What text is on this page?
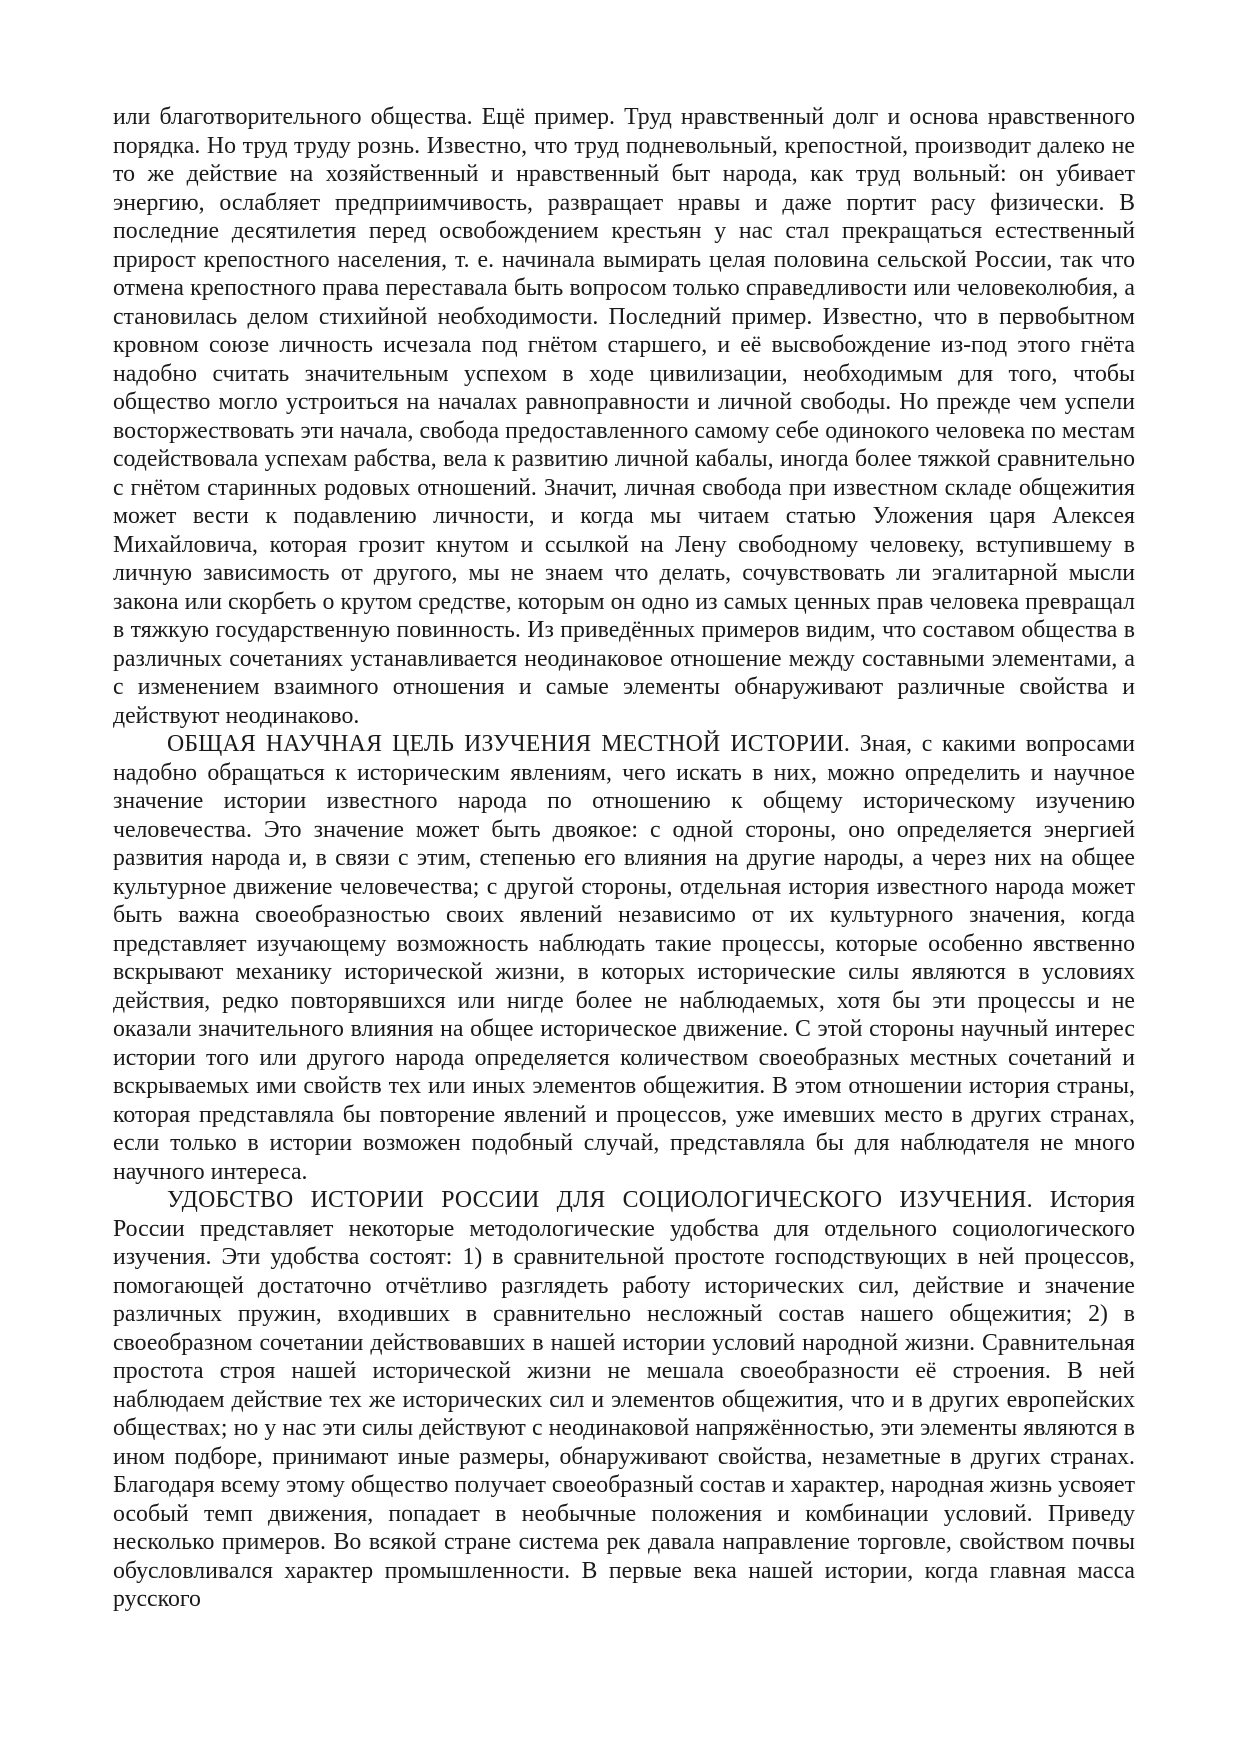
или благотворительного общества. Ещё пример. Труд нравственный долг и основа нравственного порядка. Но труд труду рознь. Известно, что труд подневольный, крепостной, производит далеко не то же действие на хозяйственный и нравственный быт народа, как труд вольный: он убивает энергию, ослабляет предприимчивость, развращает нравы и даже портит расу физически. В последние десятилетия перед освобождением крестьян у нас стал прекращаться естественный прирост крепостного населения, т. е. начинала вымирать целая половина сельской России, так что отмена крепостного права переставала быть вопросом только справедливости или человеколюбия, а становилась делом стихийной необходимости. Последний пример. Известно, что в первобытном кровном союзе личность исчезала под гнётом старшего, и её высвобождение из-под этого гнёта надобно считать значительным успехом в ходе цивилизации, необходимым для того, чтобы общество могло устроиться на началах равноправности и личной свободы. Но прежде чем успели восторжествовать эти начала, свобода предоставленного самому себе одинокого человека по местам содействовала успехам рабства, вела к развитию личной кабалы, иногда более тяжкой сравнительно с гнётом старинных родовых отношений. Значит, личная свобода при известном складе общежития может вести к подавлению личности, и когда мы читаем статью Уложения царя Алексея Михайловича, которая грозит кнутом и ссылкой на Лену свободному человеку, вступившему в личную зависимость от другого, мы не знаем что делать, сочувствовать ли эгалитарной мысли закона или скорбеть о крутом средстве, которым он одно из самых ценных прав человека превращал в тяжкую государственную повинность. Из приведённых примеров видим, что составом общества в различных сочетаниях устанавливается неодинаковое отношение между составными элементами, а с изменением взаимного отношения и самые элементы обнаруживают различные свойства и действуют неодинаково.

ОБЩАЯ НАУЧНАЯ ЦЕЛЬ ИЗУЧЕНИЯ МЕСТНОЙ ИСТОРИИ. Зная, с какими вопросами надобно обращаться к историческим явлениям, чего искать в них, можно определить и научное значение истории известного народа по отношению к общему историческому изучению человечества. Это значение может быть двоякое: с одной стороны, оно определяется энергией развития народа и, в связи с этим, степенью его влияния на другие народы, а через них на общее культурное движение человечества; с другой стороны, отдельная история известного народа может быть важна своеобразностью своих явлений независимо от их культурного значения, когда представляет изучающему возможность наблюдать такие процессы, которые особенно явственно вскрывают механику исторической жизни, в которых исторические силы являются в условиях действия, редко повторявшихся или нигде более не наблюдаемых, хотя бы эти процессы и не оказали значительного влияния на общее историческое движение. С этой стороны научный интерес истории того или другого народа определяется количеством своеобразных местных сочетаний и вскрываемых ими свойств тех или иных элементов общежития. В этом отношении история страны, которая представляла бы повторение явлений и процессов, уже имевших место в других странах, если только в истории возможен подобный случай, представляла бы для наблюдателя не много научного интереса.

УДОБСТВО ИСТОРИИ РОССИИ ДЛЯ СОЦИОЛОГИЧЕСКОГО ИЗУЧЕНИЯ. История России представляет некоторые методологические удобства для отдельного социологического изучения. Эти удобства состоят: 1) в сравнительной простоте господствующих в ней процессов, помогающей достаточно отчётливо разглядеть работу исторических сил, действие и значение различных пружин, входивших в сравнительно несложный состав нашего общежития; 2) в своеобразном сочетании действовавших в нашей истории условий народной жизни. Сравнительная простота строя нашей исторической жизни не мешала своеобразности её строения. В ней наблюдаем действие тех же исторических сил и элементов общежития, что и в других европейских обществах; но у нас эти силы действуют с неодинаковой напряжённостью, эти элементы являются в ином подборе, принимают иные размеры, обнаруживают свойства, незаметные в других странах. Благодаря всему этому общество получает своеобразный состав и характер, народная жизнь усвояет особый темп движения, попадает в необычные положения и комбинации условий. Приведу несколько примеров. Во всякой стране система рек давала направление торговле, свойством почвы обусловливался характер промышленности. В первые века нашей истории, когда главная масса русского
